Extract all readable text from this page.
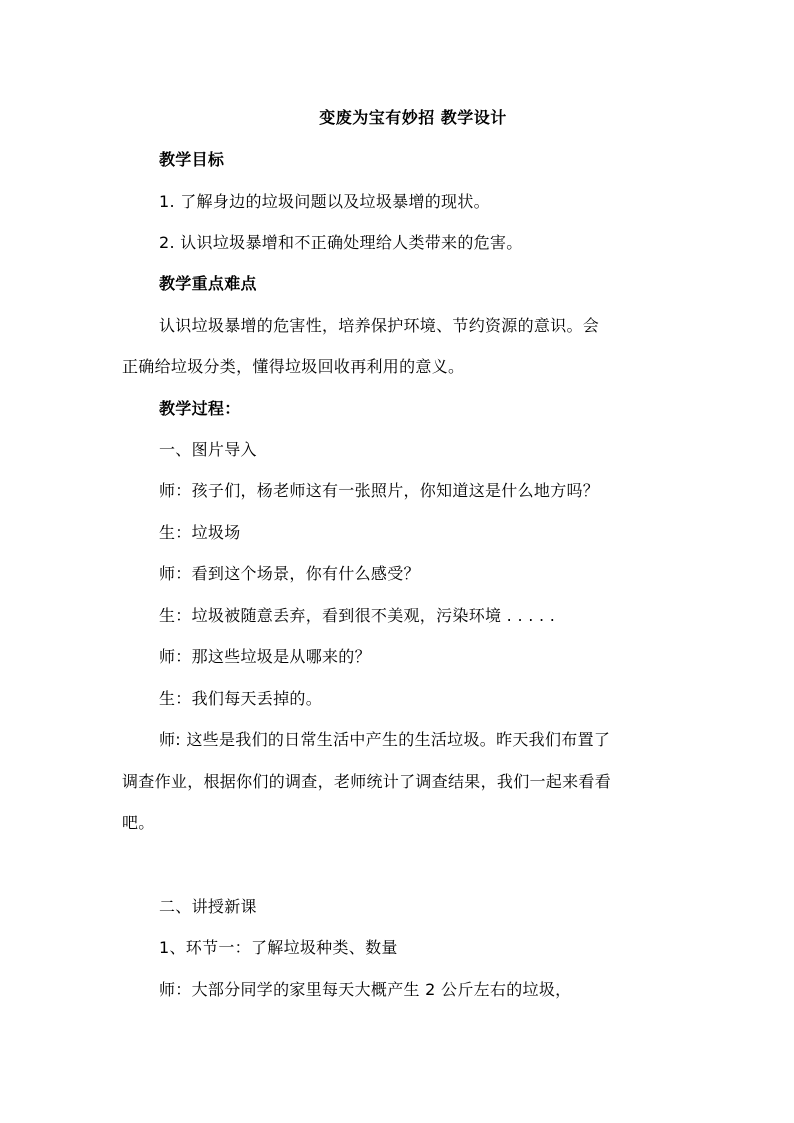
变废为宝有妙招 教学设计
教学目标
1. 了解身边的垃圾问题以及垃圾暴增的现状。
2. 认识垃圾暴增和不正确处理给人类带来的危害。
教学重点难点
认识垃圾暴增的危害性，培养保护环境、节约资源的意识。会
正确给垃圾分类，懂得垃圾回收再利用的意义。
教学过程：
一、图片导入
师：孩子们，杨老师这有一张照片，你知道这是什么地方吗？
生：垃圾场
师：看到这个场景，你有什么感受？
生：垃圾被随意丢弃，看到很不美观，污染环境 . . . . .
师：那这些垃圾是从哪来的？
生：我们每天丢掉的。
师: 这些是我们的日常生活中产生的生活垃圾。昨天我们布置了
调查作业，根据你们的调查，老师统计了调查结果，我们一起来看看
吧。
二、讲授新课
1、环节一：了解垃圾种类、数量
师：大部分同学的家里每天大概产生 2 公斤左右的垃圾，
